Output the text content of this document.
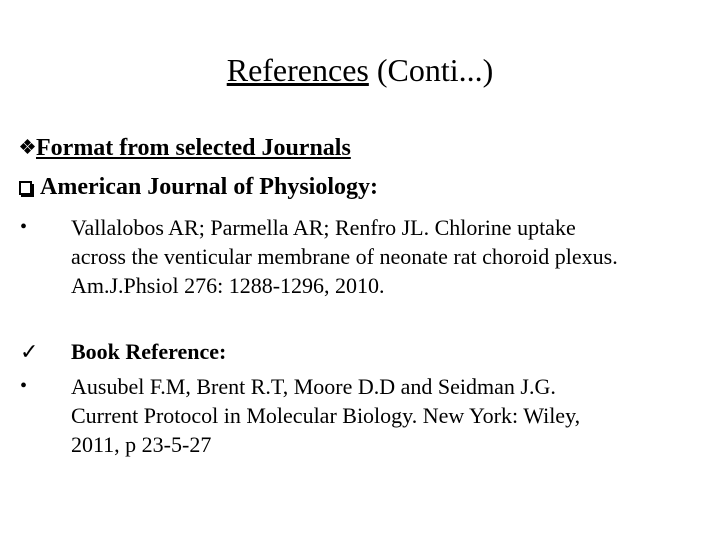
References (Conti...)
Format from selected Journals
American Journal of Physiology:
•	Vallalobos AR; Parmella AR; Renfro JL. Chlorine uptake
across the venticular membrane of neonate rat choroid plexus.
Am.J.Phsiol 276: 1288-1296, 2010.
✓ Book Reference:
•	Ausubel F.M, Brent R.T, Moore D.D and Seidman J.G.
Current Protocol in Molecular Biology. New York: Wiley,
2011, p 23-5-27
